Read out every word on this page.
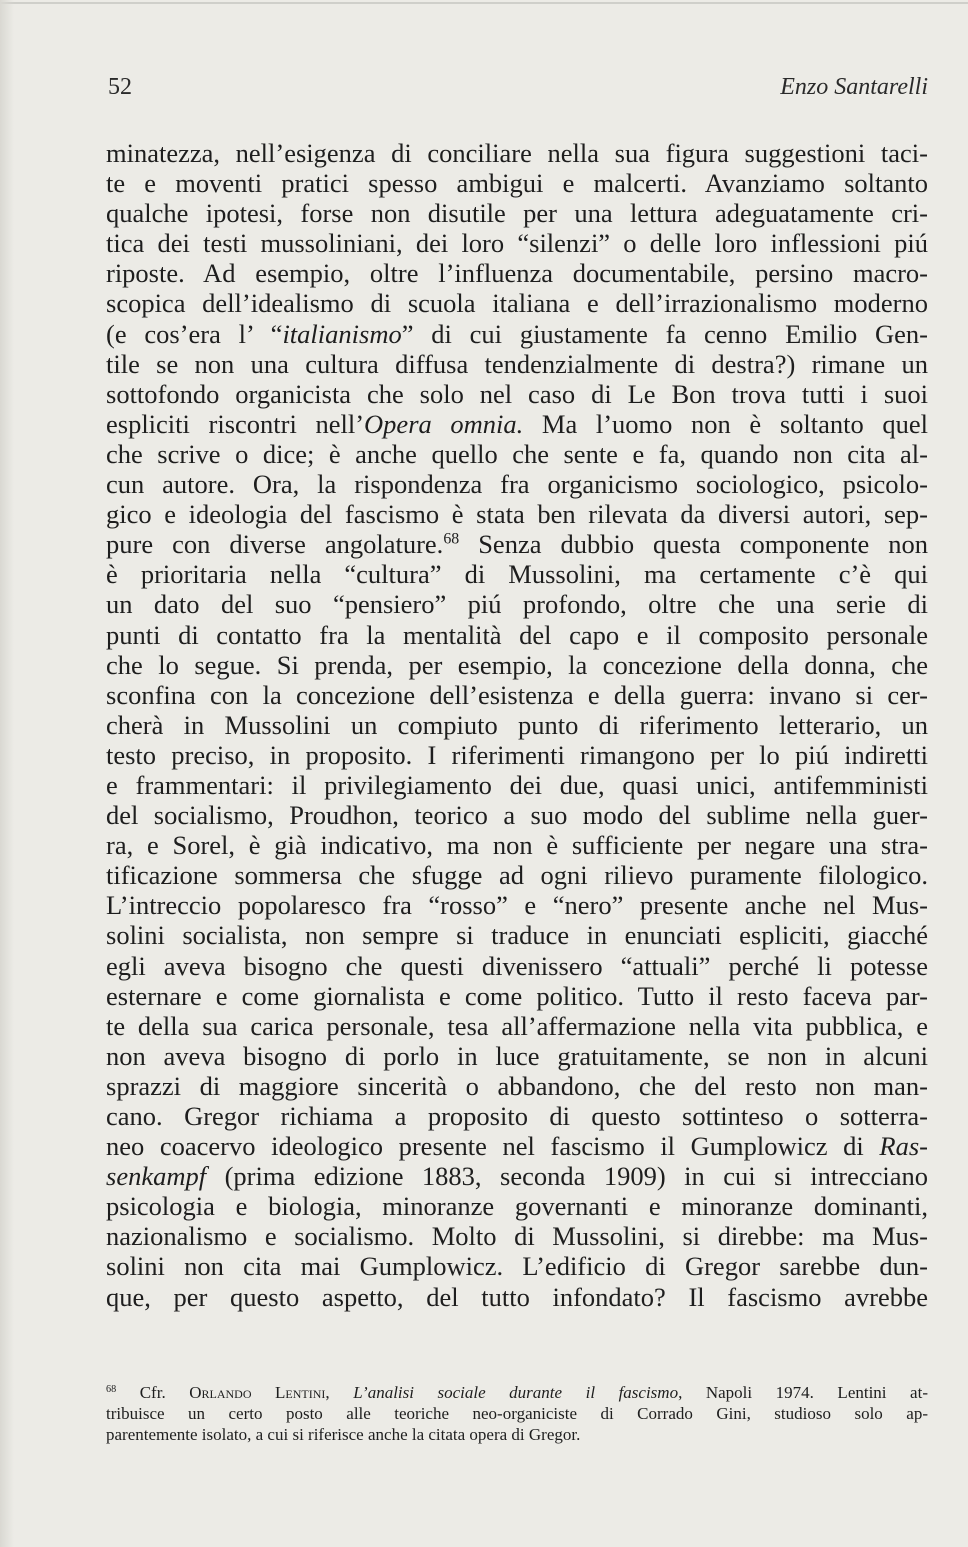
52	Enzo Santarelli
minatezza, nell’esigenza di conciliare nella sua figura suggestioni taci-
te e moventi pratici spesso ambigui e malcerti. Avanziamo soltanto
qualche ipotesi, forse non disutile per una lettura adeguatamente cri-
tica dei testi mussoliniani, dei loro “silenzi” o delle loro inflessioni piú
riposte. Ad esempio, oltre l’influenza documentabile, persino macro-
scopica dell’idealismo di scuola italiana e dell’irrazionalismo moderno
(e cos’era l’ “italianismo” di cui giustamente fa cenno Emilio Gen-
tile se non una cultura diffusa tendenzialmente di destra?) rimane un
sottofondo organicista che solo nel caso di Le Bon trova tutti i suoi
espliciti riscontri nell’Opera omnia. Ma l’uomo non è soltanto quel
che scrive o dice; è anche quello che sente e fa, quando non cita al-
cun autore. Ora, la rispondenza fra organicismo sociologico, psicolo-
gico e ideologia del fascismo è stata ben rilevata da diversi autori, sep-
pure con diverse angolature.$^{68}$ Senza dubbio questa componente non
è prioritaria nella “cultura” di Mussolini, ma certamente c’è qui
un dato del suo “pensiero” piú profondo, oltre che una serie di
punti di contatto fra la mentalità del capo e il composito personale
che lo segue. Si prenda, per esempio, la concezione della donna, che
sconfina con la concezione dell’esistenza e della guerra: invano si cer-
cherà in Mussolini un compiuto punto di riferimento letterario, un
testo preciso, in proposito. I riferimenti rimangono per lo piú indiretti
e frammentari: il privilegiamento dei due, quasi unici, antifemministi
del socialismo, Proudhon, teorico a suo modo del sublime nella guer-
ra, e Sorel, è già indicativo, ma non è sufficiente per negare una stra-
tificazione sommersa che sfugge ad ogni rilievo puramente filologico.
L’intreccio popolaresco fra “rosso” e “nero” presente anche nel Mus-
solini socialista, non sempre si traduce in enunciati espliciti, giacché
egli aveva bisogno che questi divenissero “attuali” perché li potesse
esternare e come giornalista e come politico. Tutto il resto faceva par-
te della sua carica personale, tesa all’affermazione nella vita pubblica, e
non aveva bisogno di porlo in luce gratuitamente, se non in alcuni
sprazzi di maggiore sincerità o abbandono, che del resto non man-
cano. Gregor richiama a proposito di questo sottinteso o sotterra-
neo coacervo ideologico presente nel fascismo il Gumplowicz di Ras-
senkampf (prima edizione 1883, seconda 1909) in cui si intrecciano
psicologia e biologia, minoranze governanti e minoranze dominanti,
nazionalismo e socialismo. Molto di Mussolini, si direbbe: ma Mus-
solini non cita mai Gumplowicz. L’edificio di Gregor sarebbe dun-
que, per questo aspetto, del tutto infondato? Il fascismo avrebbe
$^{68}$ Cfr. Orlando Lentini, L’analisi sociale durante il fascismo, Napoli 1974. Lentini at-
tribuisce un certo posto alle teoriche neo-organiciste di Corrado Gini, studioso solo ap-
parentemente isolato, a cui si riferisce anche la citata opera di Gregor.
